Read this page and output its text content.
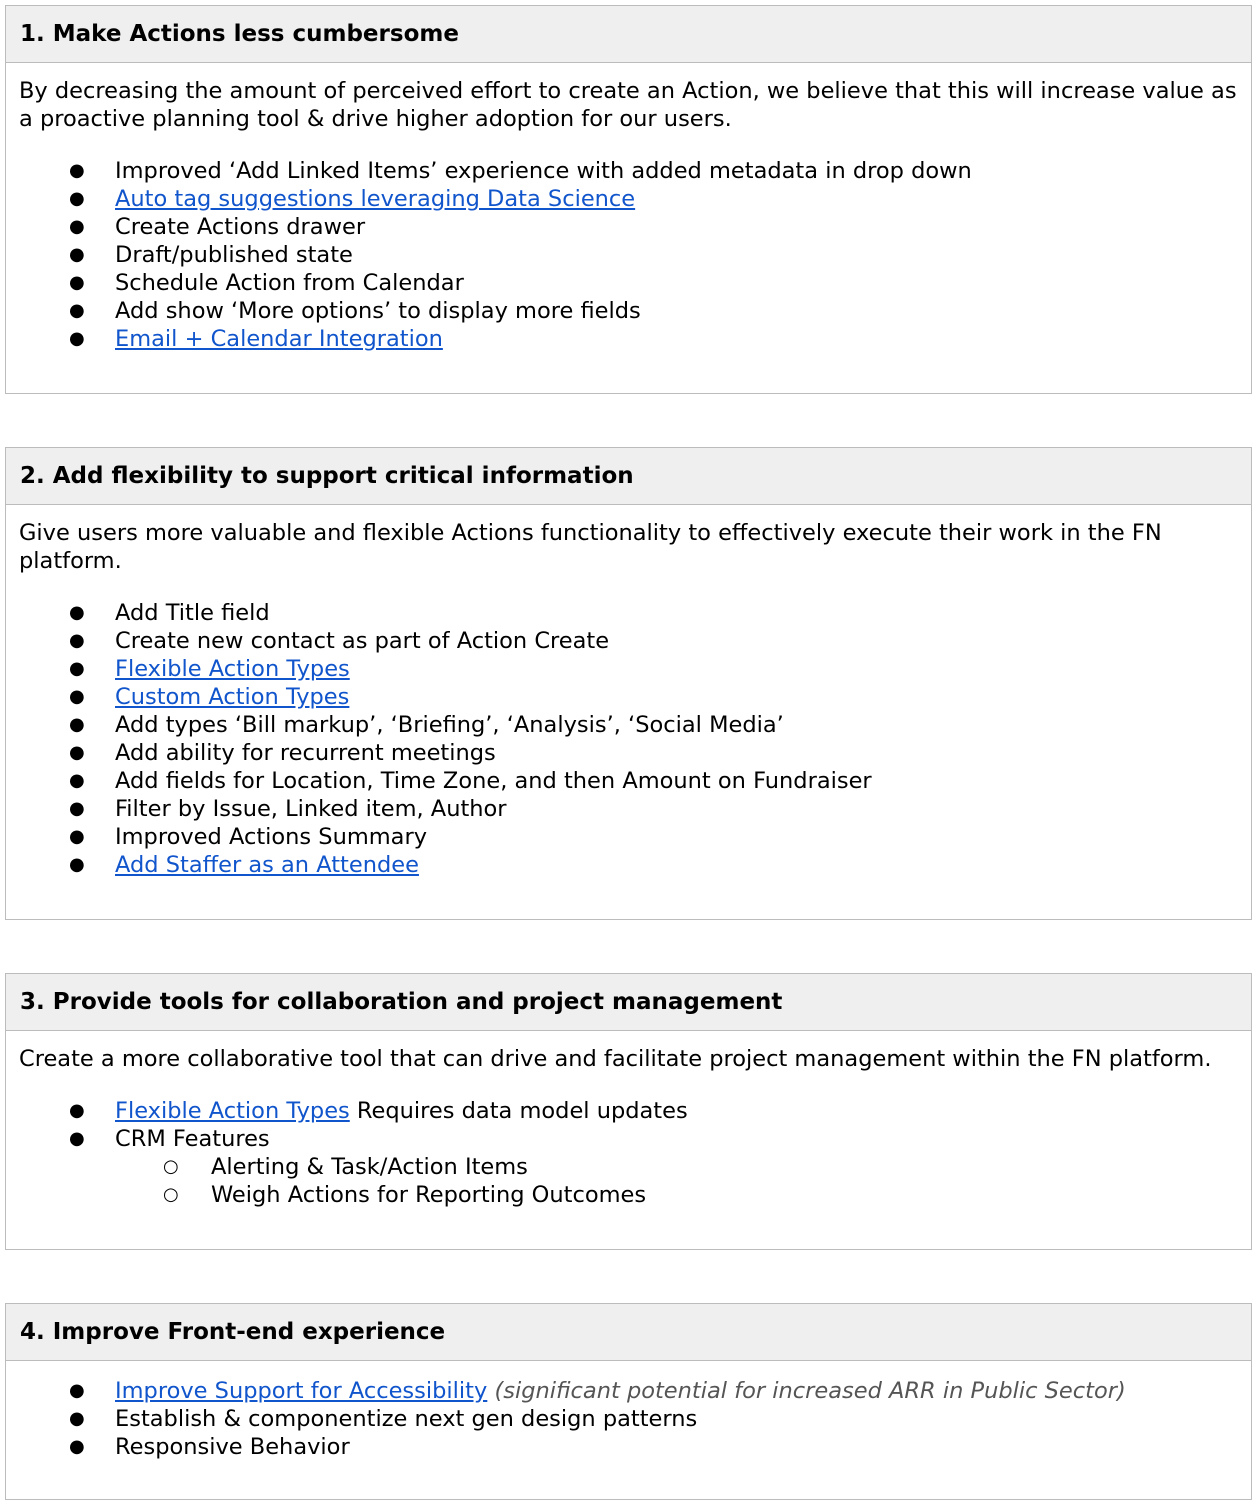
1. Make Actions less cumbersome

By decreasing the amount of perceived effort to create an Action, we believe that this will increase value as a proactive planning tool & drive higher adoption for our users.

● Improved ‘Add Linked Items’ experience with added metadata in drop down
● Auto tag suggestions leveraging Data Science
● Create Actions drawer
● Draft/published state
● Schedule Action from Calendar
● Add show ‘More options’ to display more fields
● Email + Calendar Integration
2. Add flexibility to support critical information

Give users more valuable and flexible Actions functionality to effectively execute their work in the FN platform.

● Add Title field
● Create new contact as part of Action Create
● Flexible Action Types
● Custom Action Types
● Add types ‘Bill markup’, ‘Briefing’, ‘Analysis’, ‘Social Media’
● Add ability for recurrent meetings
● Add fields for Location, Time Zone, and then Amount on Fundraiser
● Filter by Issue, Linked item, Author
● Improved Actions Summary
● Add Staffer as an Attendee
3. Provide tools for collaboration and project management

Create a more collaborative tool that can drive and facilitate project management within the FN platform.

● Flexible Action Types Requires data model updates
● CRM Features
○ Alerting & Task/Action Items
○ Weigh Actions for Reporting Outcomes
4. Improve Front-end experience
● Improve Support for Accessibility (significant potential for increased ARR in Public Sector)
● Establish & componentize next gen design patterns
● Responsive Behavior
